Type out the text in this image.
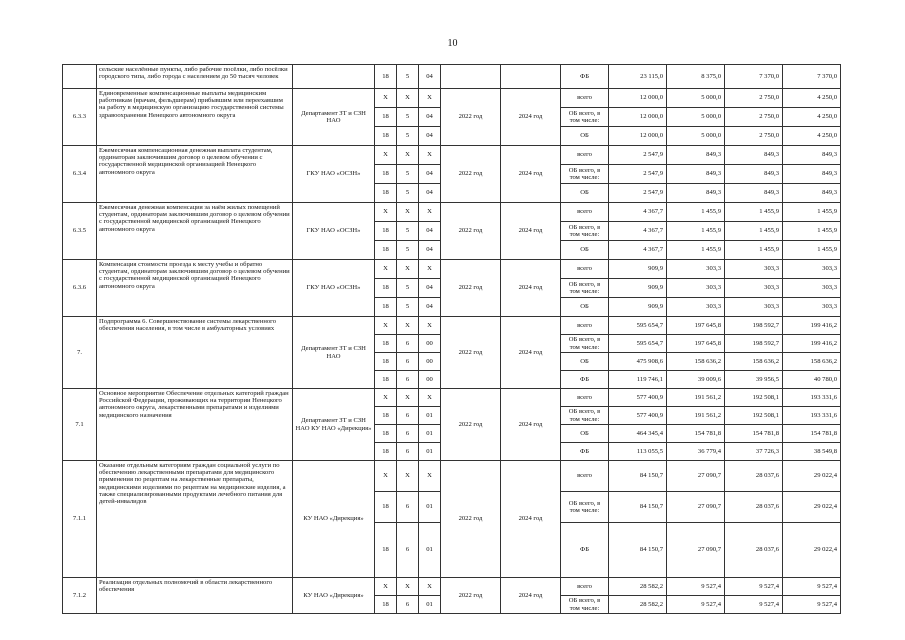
10
	сельские населённые пункты, либо рабочие посёлки, либо посёлки городского типа, либо города с населением до 50 тысяч человек		18	5	04			ФБ	23 115,0	8 375,0	7 370,0	7 370,0
6.3.3	Единовременные компенсационные выплаты медицинским работникам (врачам, фельдшерам) прибывшим или переехавшим на работу в медицинскую организацию государственной системы здравоохранения Ненецкого автономного округа	Департамент ЗТ и СЗН НАО	X	X	X	2022 год	2024 год	всего	12 000,0	5 000,0	2 750,0	4 250,0
			18	5	04			ОБ всего, в том числе:	12 000,0	5 000,0	2 750,0	4 250,0
			18	5	04			ОБ	12 000,0	5 000,0	2 750,0	4 250,0
6.3.4	Ежемесячная компенсационная денежная выплата студентам, ординаторам заключившим договор о целевом обучении с государственной медицинской организацией Ненецкого автономного округа	ГКУ НАО «ОСЗН»	X	X	X	2022 год	2024 год	всего	2 547,9	849,3	849,3	849,3
			18	5	04			ОБ всего, в том числе:	2 547,9	849,3	849,3	849,3
			18	5	04			ОБ	2 547,9	849,3	849,3	849,3
6.3.5	Ежемесячная денежная компенсация за наём жилых помещений студентам, ординаторам заключившим договор о целевом обучении с государственной медицинской организацией Ненецкого автономного округа	ГКУ НАО «ОСЗН»	X	X	X	2022 год	2024 год	всего	4 367,7	1 455,9	1 455,9	1 455,9
			18	5	04			ОБ всего, в том числе:	4 367,7	1 455,9	1 455,9	1 455,9
			18	5	04			ОБ	4 367,7	1 455,9	1 455,9	1 455,9
6.3.6	Компенсация стоимости проезда к месту учебы и обратно студентам, ординаторам заключившим договор о целевом обучении с государственной медицинской организацией Ненецкого автономного округа	ГКУ НАО «ОСЗН»	X	X	X	2022 год	2024 год	всего	909,9	303,3	303,3	303,3
			18	5	04			ОБ всего, в том числе:	909,9	303,3	303,3	303,3
			18	5	04			ОБ	909,9	303,3	303,3	303,3
7.	Подпрограмма 6. Совершенствование системы лекарственного обеспечения населения, в том числе в амбулаторных условиях	Департамент ЗТ и СЗН НАО	X	X	X	2022 год	2024 год	всего	595 654,7	197 645,8	198 592,7	199 416,2
			18	6	00			ОБ всего, в том числе:	595 654,7	197 645,8	198 592,7	199 416,2
			18	6	00			ОБ	475 908,6	158 636,2	158 636,2	158 636,2
			18	6	00			ФБ	119 746,1	39 009,6	39 956,5	40 780,0
7.1	Основное мероприятие Обеспечение отдельных категорий граждан Российской Федерации, проживающих на территории Ненецкого автономного округа, лекарственными препаратами и изделиями медицинского назначения	Департамент ЗТ и СЗН НАО КУ НАО «Дирекция»	X	X	X	2022 год	2024 год	всего	577 400,9	191 561,2	192 508,1	193 331,6
			18	6	01			ОБ всего, в том числе:	577 400,9	191 561,2	192 508,1	193 331,6
			18	6	01			ОБ	464 345,4	154 781,8	154 781,8	154 781,8
			18	6	01			ФБ	113 055,5	36 779,4	37 726,3	38 549,8
7.1.1	Оказание отдельным категориям граждан социальной услуги по обеспечению лекарственными препаратами для медицинского применения по рецептам на лекарственные препараты, медицинскими изделиями по рецептам на медицинские изделия, а также специализированными продуктами лечебного питания для детей-инвалидов	КУ НАО «Дирекция»	X	X	X	2022 год	2024 год	всего	84 150,7	27 090,7	28 037,6	29 022,4
			18	6	01			ОБ всего, в том числе:	84 150,7	27 090,7	28 037,6	29 022,4
			18	6	01			ФБ	84 150,7	27 090,7	28 037,6	29 022,4
7.1.2	Реализация отдельных полномочий в области лекарственного обеспечения	КУ НАО «Дирекция»	X	X	X	2022 год	2024 год	всего	28 582,2	9 527,4	9 527,4	9 527,4
			18	6	01			ОБ всего, в том числе:	28 582,2	9 527,4	9 527,4	9 527,4
